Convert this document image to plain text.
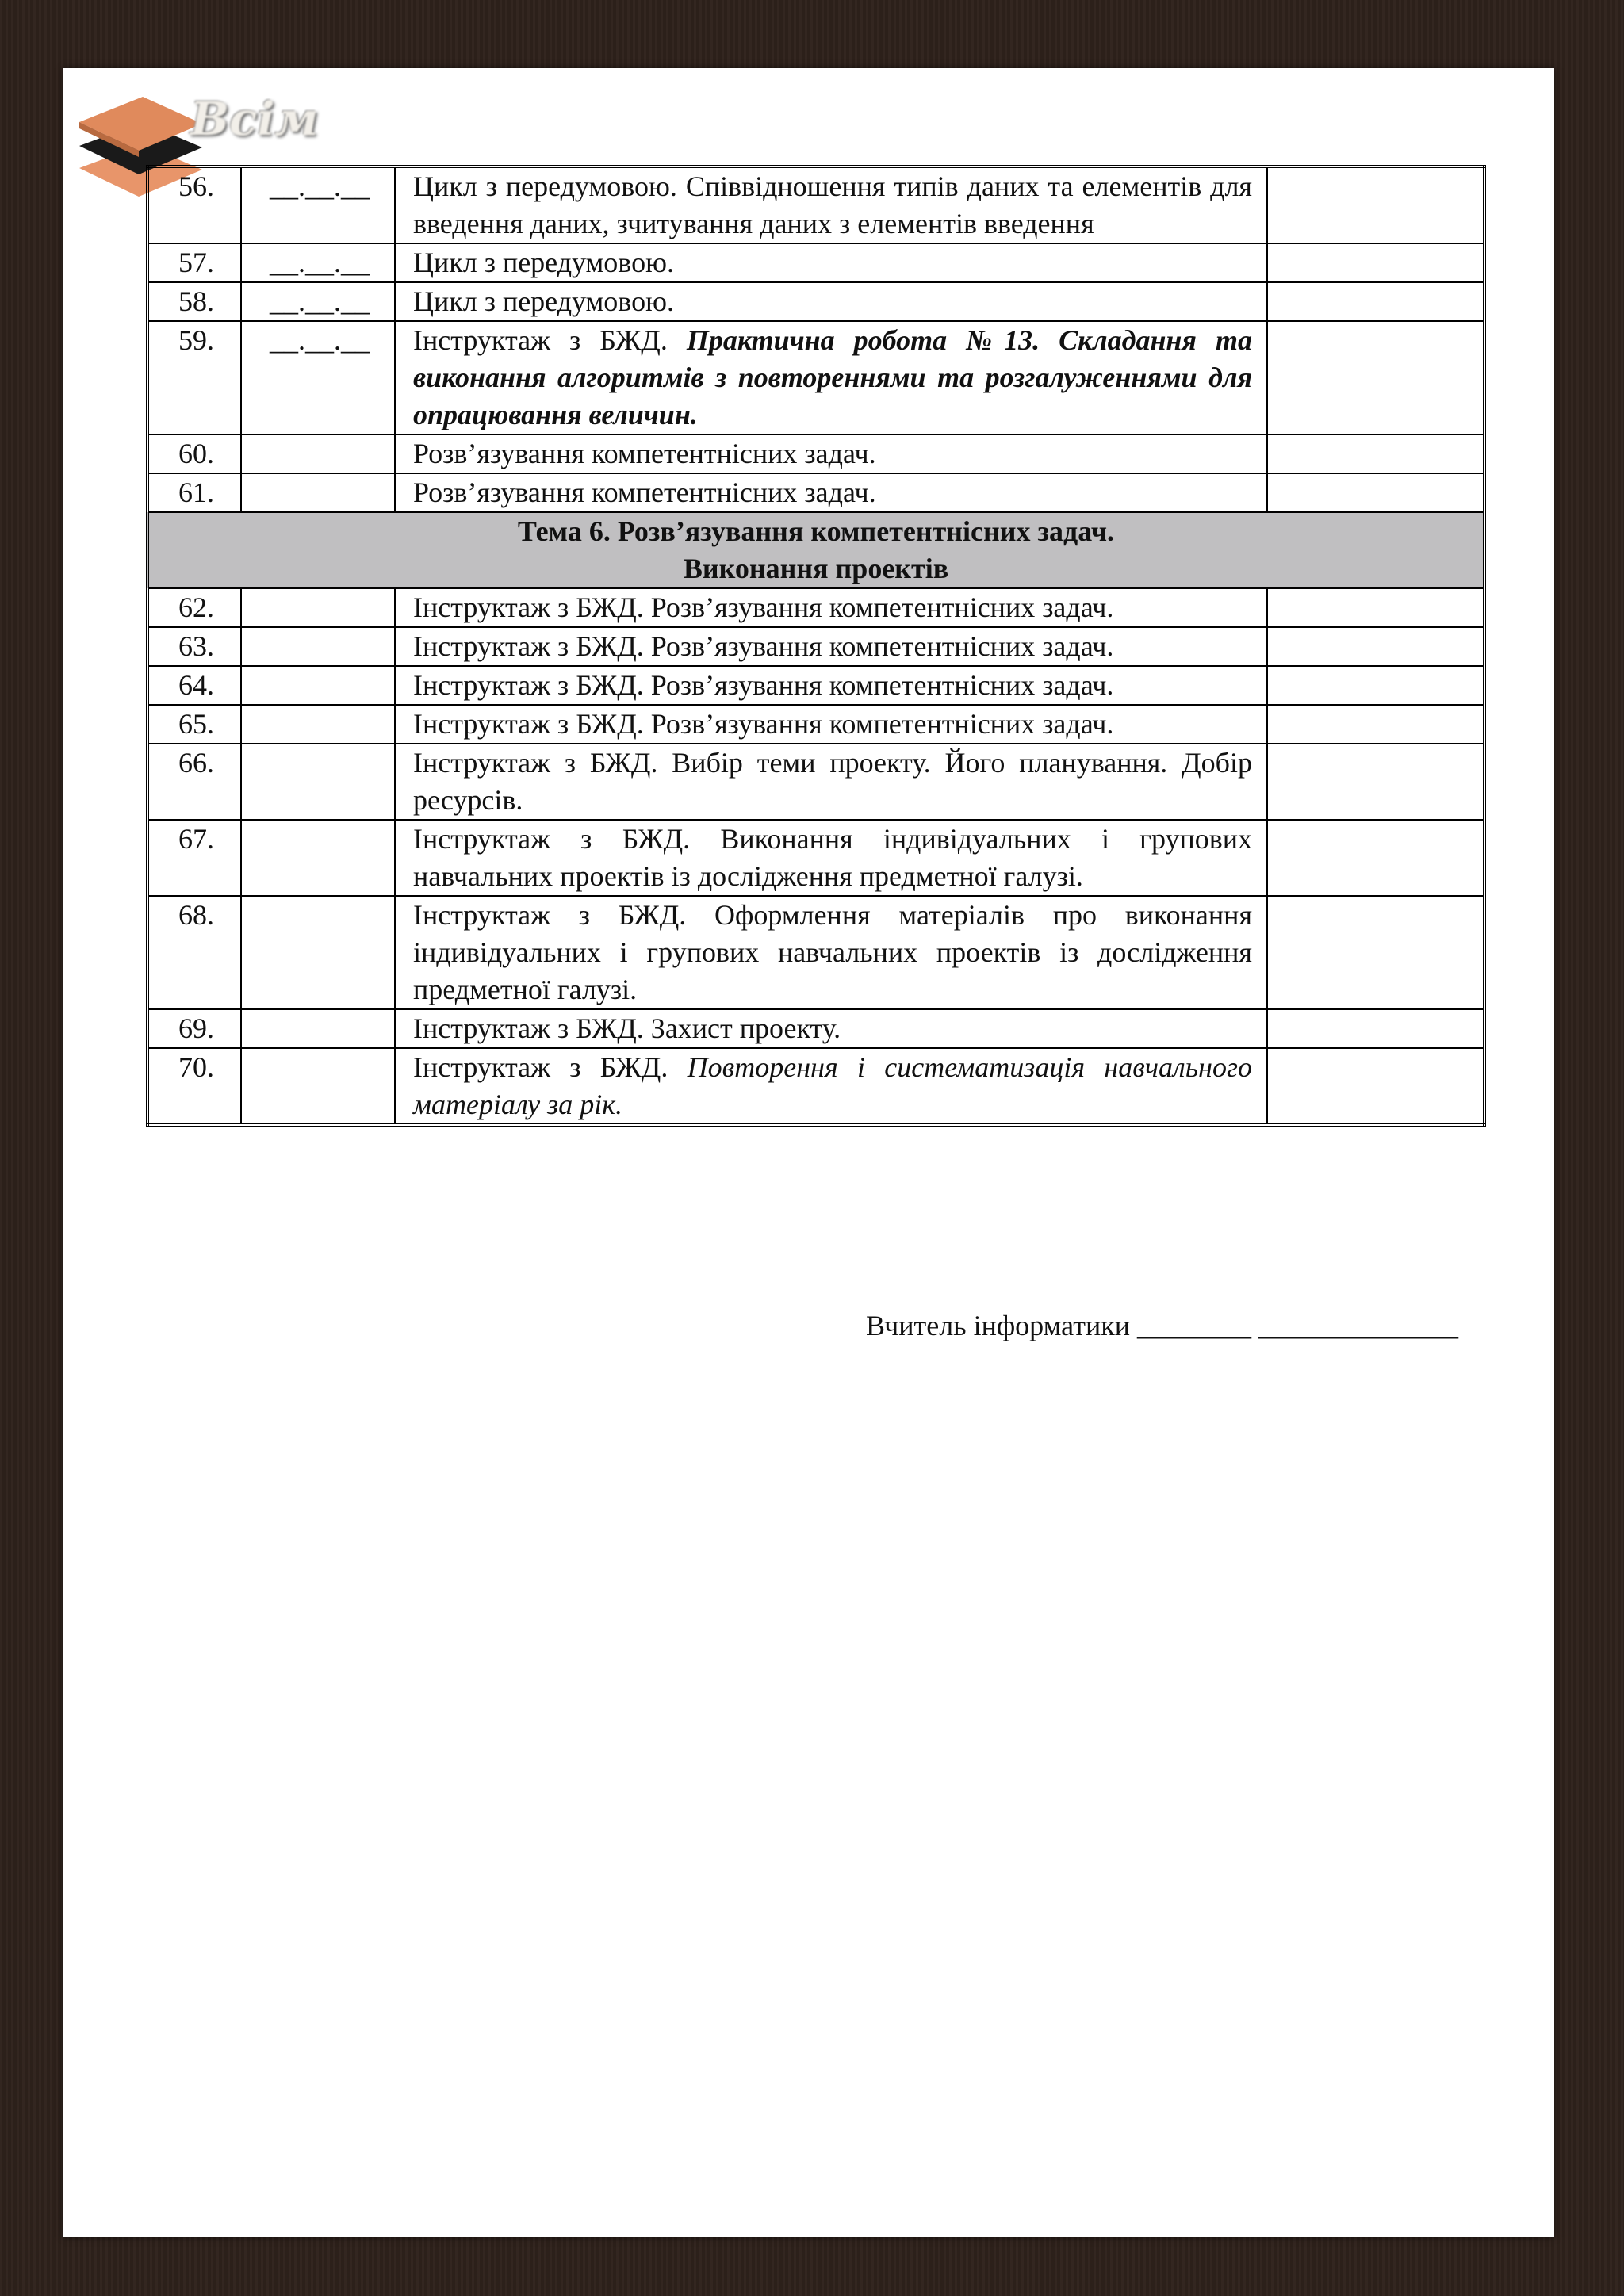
Всім
56.	__.__.__	Цикл з передумовою. Співвідношення типів даних та елементів для введення даних, зчитування даних з елементів введення	
57.	__.__.__	Цикл з передумовою.	
58.	__.__.__	Цикл з передумовою.	
59.	__.__.__	Інструктаж з БЖД. Практична робота №13. Складання та виконання алгоритмів з повтореннями та розгалуженнями для опрацювання величин.	
60.		Розв’язування компетентнісних задач.	
61.		Розв’язування компетентнісних задач.	

Тема 6. Розв’язування компетентнісних задач.
Виконання проектів			

62.		Інструктаж з БЖД. Розв’язування компетентнісних задач.	
63.		Інструктаж з БЖД. Розв’язування компетентнісних задач.	
64.		Інструктаж з БЖД. Розв’язування компетентнісних задач.	
65.		Інструктаж з БЖД. Розв’язування компетентнісних задач.	
66.		Інструктаж з БЖД. Вибір теми проекту. Його планування. Добір ресурсів.	
67.		Інструктаж з БЖД. Виконання індивідуальних і групових навчальних проектів із дослідження предметної галузі.	
68.		Інструктаж з БЖД. Оформлення матеріалів про виконання індивідуальних і групових навчальних проектів із дослідження предметної галузі.	
69.		Інструктаж з БЖД. Захист проекту.	
70.		Інструктаж з БЖД. Повторення і систематизація навчального матеріалу за рік.	
Вчитель інформатики ________ ______________
